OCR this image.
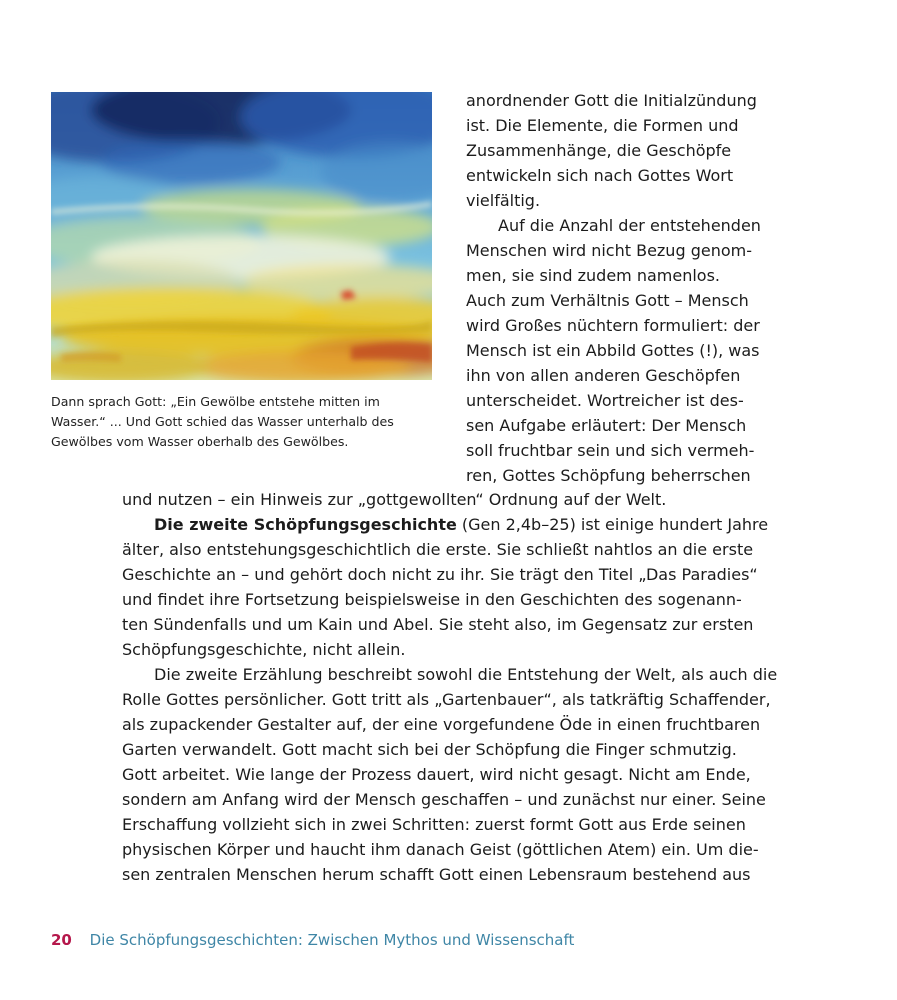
Dann sprach Gott: „Ein Gewölbe entstehe mitten im
Wasser.“ ... Und Gott schied das Wasser unterhalb des
Gewölbes vom Wasser oberhalb des Gewölbes.
anordnender Gott die Initialzündung
ist. Die Elemente, die Formen und
Zusammenhänge, die Geschöpfe
entwickeln sich nach Gottes Wort
vielfältig.
Auf die Anzahl der entstehenden
Menschen wird nicht Bezug genom-
men, sie sind zudem namenlos.
Auch zum Verhältnis Gott – Mensch
wird Großes nüchtern formuliert: der
Mensch ist ein Abbild Gottes (!), was
ihn von allen anderen Geschöpfen
unterscheidet. Wortreicher ist des-
sen Aufgabe erläutert: Der Mensch
soll fruchtbar sein und sich vermeh-
ren, Gottes Schöpfung beherrschen
und nutzen – ein Hinweis zur „gottgewollten“ Ordnung auf der Welt.
Die zweite Schöpfungsgeschichte (Gen 2,4b–25) ist einige hundert Jahre
älter, also entstehungsgeschichtlich die erste. Sie schließt nahtlos an die erste
Geschichte an – und gehört doch nicht zu ihr. Sie trägt den Titel „Das Paradies“
und findet ihre Fortsetzung beispielsweise in den Geschichten des sogenann-
ten Sündenfalls und um Kain und Abel. Sie steht also, im Gegensatz zur ersten
Schöpfungsgeschichte, nicht allein.
Die zweite Erzählung beschreibt sowohl die Entstehung der Welt, als auch die
Rolle Gottes persönlicher. Gott tritt als „Gartenbauer“, als tatkräftig Schaffender,
als zupackender Gestalter auf, der eine vorgefundene Öde in einen fruchtbaren
Garten verwandelt. Gott macht sich bei der Schöpfung die Finger schmutzig.
Gott arbeitet. Wie lange der Prozess dauert, wird nicht gesagt. Nicht am Ende,
sondern am Anfang wird der Mensch geschaffen – und zunächst nur einer. Seine
Erschaffung vollzieht sich in zwei Schritten: zuerst formt Gott aus Erde seinen
physischen Körper und haucht ihm danach Geist (göttlichen Atem) ein. Um die-
sen zentralen Menschen herum schafft Gott einen Lebensraum bestehend aus
20 Die Schöpfungsgeschichten: Zwischen Mythos und Wissenschaft
